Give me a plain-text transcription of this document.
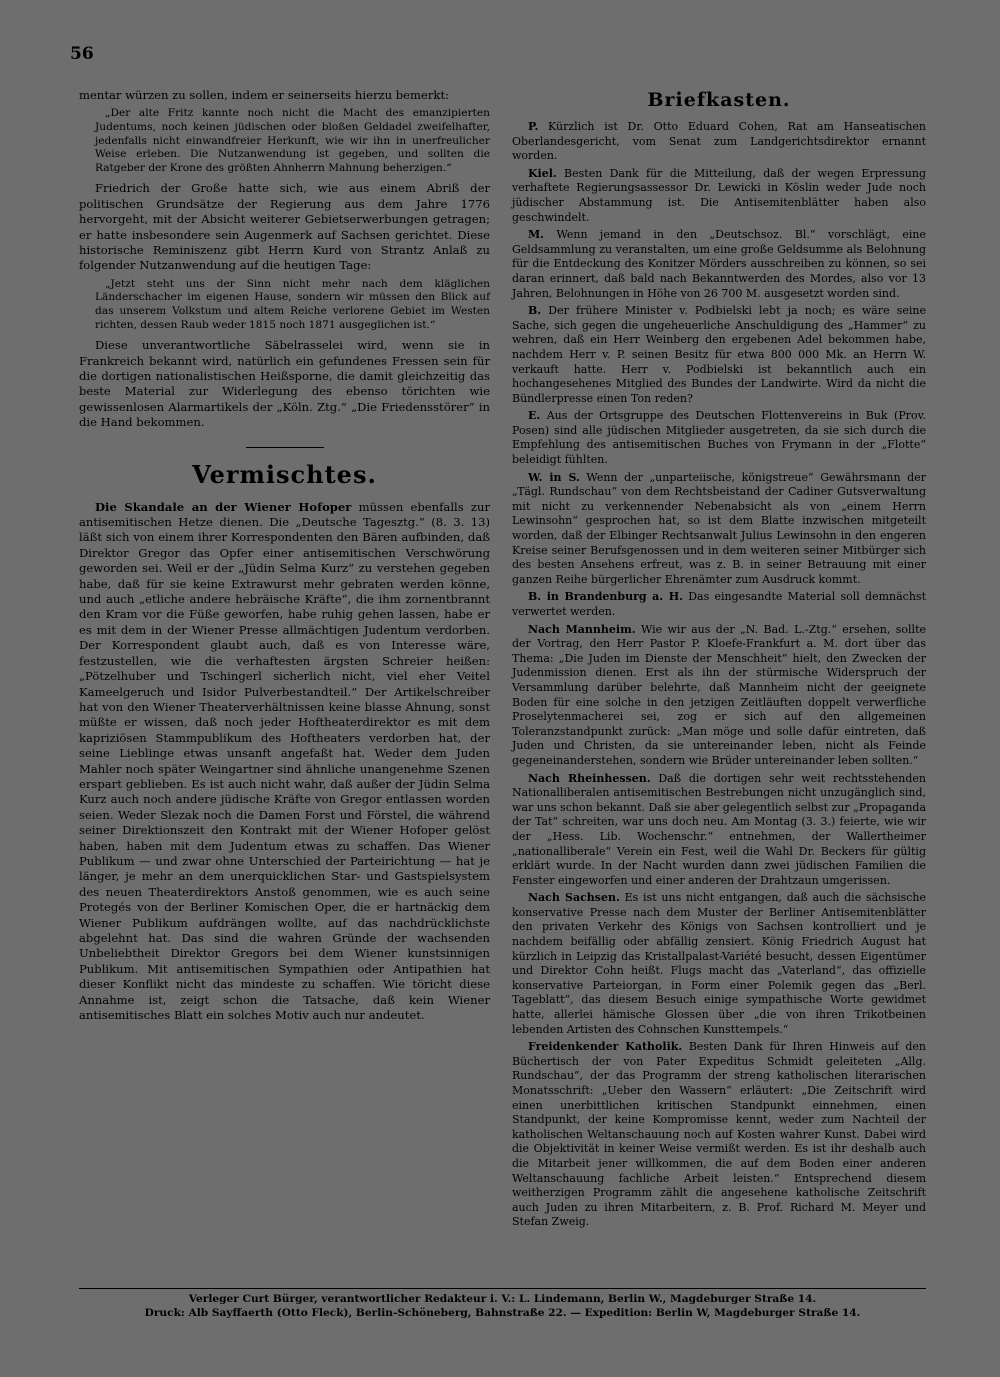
56

mentar würzen zu sollen, indem er seinerseits hierzu bemerkt:

„Der alte Fritz kannte noch nicht die Macht des emanzipierten Judentums, noch keinen jüdischen oder bloßen Geldadel zweifelhafter, jedenfalls nicht einwandfreier Herkunft, wie wir ihn in unerfreulicher Weise erleben. Die Nutzanwendung ist gegeben, und sollten die Ratgeber der Krone des größten Ahnherrn Mahnung beherzigen.“

Friedrich der Große hatte sich, wie aus einem Abriß der politischen Grundsätze der Regierung aus dem Jahre 1776 hervorgeht, mit der Absicht weiterer Gebietserwerbungen getragen; er hatte insbesondere sein Augenmerk auf Sachsen gerichtet. Diese historische Reminiszenz gibt Herrn Kurd von Strantz Anlaß zu folgender Nutzanwendung auf die heutigen Tage:

„Jetzt steht uns der Sinn nicht mehr nach dem kläglichen Länderschacher im eigenen Hause, sondern wir müssen den Blick auf das unserem Volkstum und altem Reiche verlorene Gebiet im Westen richten, dessen Raub weder 1815 noch 1871 ausgeglichen ist.“

Diese unverantwortliche Säbelrasselei wird, wenn sie in Frankreich bekannt wird, natürlich ein gefundenes Fressen sein für die dortigen nationalistischen Heißsporne, die damit gleichzeitig das beste Material zur Widerlegung des ebenso törichten wie gewissenlosen Alarmartikels der „Köln. Ztg.“ „Die Friedensstörer“ in die Hand bekommen.

Vermischtes.

Die Skandale an der Wiener Hofoper müssen ebenfalls zur antisemitischen Hetze dienen. Die „Deutsche Tagesztg.“ (8. 3. 13) läßt sich von einem ihrer Korrespondenten den Bären aufbinden, daß Direktor Gregor das Opfer einer antisemitischen Verschwörung geworden sei. Weil er der „Jüdin Selma Kurz“ zu verstehen gegeben habe, daß für sie keine Extrawurst mehr gebraten werden könne, und auch „etliche andere hebräische Kräfte“, die ihm zornentbrannt den Kram vor die Füße geworfen, habe ruhig gehen lassen, habe er es mit dem in der Wiener Presse allmächtigen Judentum verdorben. Der Korrespondent glaubt auch, daß es von Interesse wäre, festzustellen, wie die verhaftesten ärgsten Schreier heißen: „Pötzelhuber und Tschingerl sicherlich nicht, viel eher Veitel Kameelgeruch und Isidor Pulverbestandteil.“ Der Artikelschreiber hat von den Wiener Theaterverhältnissen keine blasse Ahnung, sonst müßte er wissen, daß noch jeder Hoftheaterdirektor es mit dem kapriziösen Stammpublikum des Hoftheaters verdorben hat, der seine Lieblinge etwas unsanft angefaßt hat. Weder dem Juden Mahler noch später Weingartner sind ähnliche unangenehme Szenen erspart geblieben. Es ist auch nicht wahr, daß außer der Jüdin Selma Kurz auch noch andere jüdische Kräfte von Gregor entlassen worden seien. Weder Slezak noch die Damen Forst und Förstel, die während seiner Direktionszeit den Kontrakt mit der Wiener Hofoper gelöst haben, haben mit dem Judentum etwas zu schaffen. Das Wiener Publikum — und zwar ohne Unterschied der Parteirichtung — hat je länger, je mehr an dem unerquicklichen Star- und Gastspielsystem des neuen Theaterdirektors Anstoß genommen, wie es auch seine Protegés von der Berliner Komischen Oper, die er hartnäckig dem Wiener Publikum aufdrängen wollte, auf das nachdrücklichste abgelehnt hat. Das sind die wahren Gründe der wachsenden Unbeliebtheit Direktor Gregors bei dem Wiener kunstsinnigen Publikum. Mit antisemitischen Sympathien oder Antipathien hat dieser Konflikt nicht das mindeste zu schaffen. Wie töricht diese Annahme ist, zeigt schon die Tatsache, daß kein Wiener antisemitisches Blatt ein solches Motiv auch nur andeutet.

Briefkasten.

P. Kürzlich ist Dr. Otto Eduard Cohen, Rat am Hanseatischen Oberlandesgericht, vom Senat zum Landgerichtsdirektor ernannt worden.

Kiel. Besten Dank für die Mitteilung, daß der wegen Erpressung verhaftete Regierungsassessor Dr. Lewicki in Köslin weder Jude noch jüdischer Abstammung ist. Die Antisemitenblätter haben also geschwindelt.

M. Wenn jemand in den „Deutschsoz. Bl.“ vorschlägt, eine Geldsammlung zu veranstalten, um eine große Geldsumme als Belohnung für die Entdeckung des Konitzer Mörders ausschreiben zu können, so sei daran erinnert, daß bald nach Bekanntwerden des Mordes, also vor 13 Jahren, Belohnungen in Höhe von 26 700 M. ausgesetzt worden sind.

B. Der frühere Minister v. Podbielski lebt ja noch; es wäre seine Sache, sich gegen die ungeheuerliche Anschuldigung des „Hammer“ zu wehren, daß ein Herr Weinberg den ergebenen Adel bekommen habe, nachdem Herr v. P. seinen Besitz für etwa 800 000 Mk. an Herrn W. verkauft hatte. Herr v. Podbielski ist bekanntlich auch ein hochangesehenes Mitglied des Bundes der Landwirte. Wird da nicht die Bündlerpresse einen Ton reden?

E. Aus der Ortsgruppe des Deutschen Flottenvereins in Buk (Prov. Posen) sind alle jüdischen Mitglieder ausgetreten, da sie sich durch die Empfehlung des antisemitischen Buches von Frymann in der „Flotte“ beleidigt fühlten.

W. in S. Wenn der „unparteiische, königstreue“ Gewährsmann der „Tägl. Rundschau“ von dem Rechtsbeistand der Cadiner Gutsverwaltung mit nicht zu verkennender Nebenabsicht als von „einem Herrn Lewinsohn“ gesprochen hat, so ist dem Blatte inzwischen mitgeteilt worden, daß der Elbinger Rechtsanwalt Julius Lewinsohn in den engeren Kreise seiner Berufsgenossen und in dem weiteren seiner Mitbürger sich des besten Ansehens erfreut, was z. B. in seiner Betrauung mit einer ganzen Reihe bürgerlicher Ehrenämter zum Ausdruck kommt.

B. in Brandenburg a. H. Das eingesandte Material soll demnächst verwertet werden.

Nach Mannheim. Wie wir aus der „N. Bad. L.-Ztg.“ ersehen, sollte der Vortrag, den Herr Pastor P. Kloefe-Frankfurt a. M. dort über das Thema: „Die Juden im Dienste der Menschheit“ hielt, den Zwecken der Judenmission dienen. Erst als ihn der stürmische Widerspruch der Versammlung darüber belehrte, daß Mannheim nicht der geeignete Boden für eine solche in den jetzigen Zeitläuften doppelt verwerfliche Proselytenmacherei sei, zog er sich auf den allgemeinen Toleranzstandpunkt zurück: „Man möge und solle dafür eintreten, daß Juden und Christen, da sie untereinander leben, nicht als Feinde gegeneinanderstehen, sondern wie Brüder untereinander leben sollten.“

Nach Rheinhessen. Daß die dortigen sehr weit rechtsstehenden Nationalliberalen antisemitischen Bestrebungen nicht unzugänglich sind, war uns schon bekannt. Daß sie aber gelegentlich selbst zur „Propaganda der Tat“ schreiten, war uns doch neu. Am Montag (3. 3.) feierte, wie wir der „Hess. Lib. Wochenschr.“ entnehmen, der Wallertheimer „nationalliberale“ Verein ein Fest, weil die Wahl Dr. Beckers für gültig erklärt wurde. In der Nacht wurden dann zwei jüdischen Familien die Fenster eingeworfen und einer anderen der Drahtzaun umgerissen.

Nach Sachsen. Es ist uns nicht entgangen, daß auch die sächsische konservative Presse nach dem Muster der Berliner Antisemitenblätter den privaten Verkehr des Königs von Sachsen kontrolliert und je nachdem beifällig oder abfällig zensiert. König Friedrich August hat kürzlich in Leipzig das Kristallpalast-Variété besucht, dessen Eigentümer und Direktor Cohn heißt. Flugs macht das „Vaterland“, das offizielle konservative Parteiorgan, in Form einer Polemik gegen das „Berl. Tageblatt“, das diesem Besuch einige sympathische Worte gewidmet hatte, allerlei hämische Glossen über „die von ihren Trikotbeinen lebenden Artisten des Cohnschen Kunsttempels.“

Freidenkender Katholik. Besten Dank für Ihren Hinweis auf den Büchertisch der von Pater Expeditus Schmidt geleiteten „Allg. Rundschau“, der das Programm der streng katholischen literarischen Monatsschrift: „Ueber den Wassern“ erläutert: „Die Zeitschrift wird einen unerbittlichen kritischen Standpunkt einnehmen, einen Standpunkt, der keine Kompromisse kennt, weder zum Nachteil der katholischen Weltanschauung noch auf Kosten wahrer Kunst. Dabei wird die Objektivität in keiner Weise vermißt werden. Es ist ihr deshalb auch die Mitarbeit jener willkommen, die auf dem Boden einer anderen Weltanschauung fachliche Arbeit leisten.“ Entsprechend diesem weitherzigen Programm zählt die angesehene katholische Zeitschrift auch Juden zu ihren Mitarbeitern, z. B. Prof. Richard M. Meyer und Stefan Zweig.

Verleger Curt Bürger, verantwortlicher Redakteur i. V.: L. Lindemann, Berlin W., Magdeburger Straße 14.
Druck: Alb Sayffaerth (Otto Fleck), Berlin-Schöneberg, Bahnstraße 22. — Expedition: Berlin W, Magdeburger Straße 14.
